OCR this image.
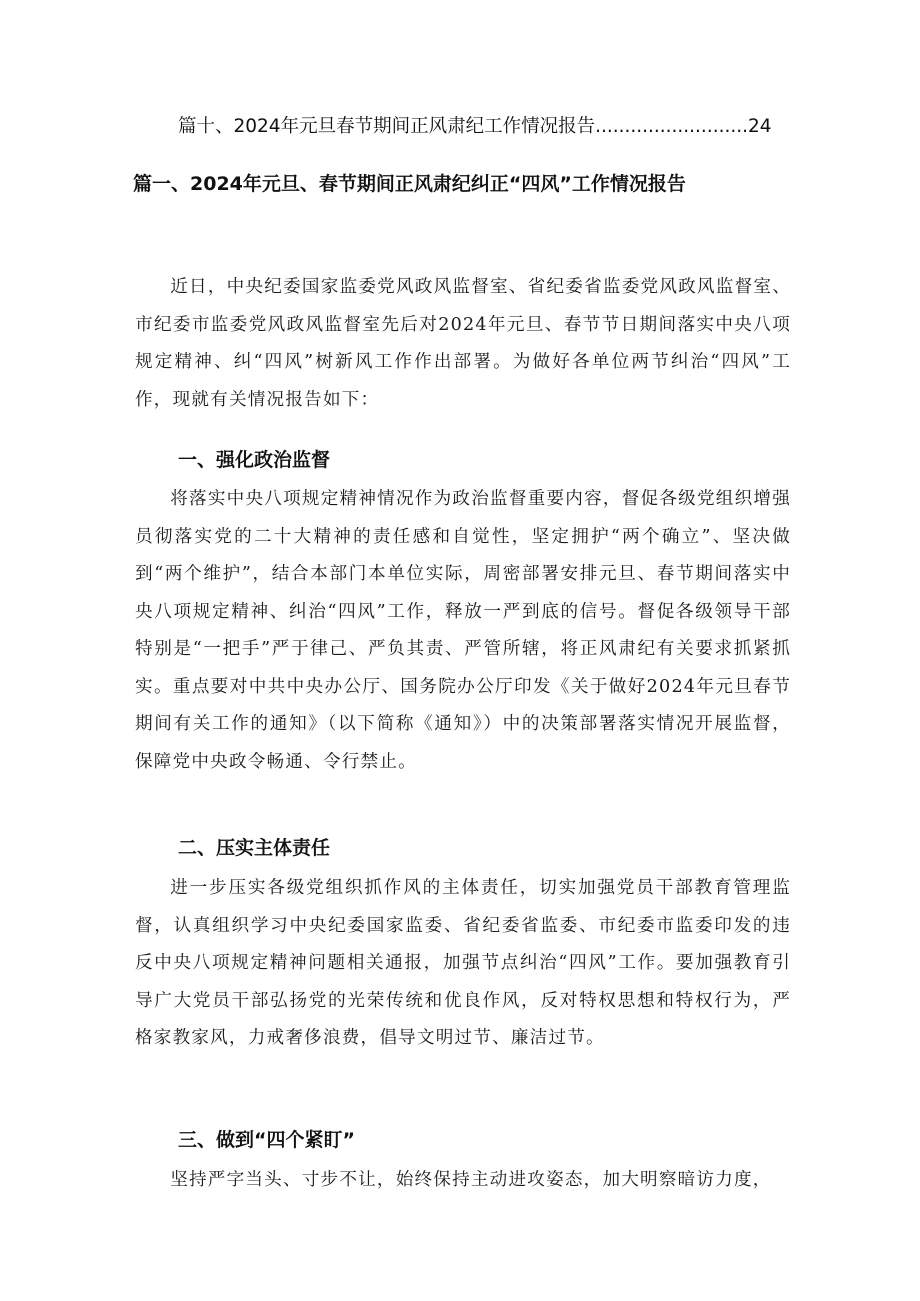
篇十、2024年元旦春节期间正风肃纪工作情况报告..........................24
篇一、2024年元旦、春节期间正风肃纪纠正“四风”工作情况报告

近日，中央纪委国家监委党风政风监督室、省纪委省监委党风政风监督室、市纪委市监委党风政风监督室先后对2024年元旦、春节节日期间落实中央八项规定精神、纠“四风”树新风工作作出部署。为做好各单位两节纠治“四风”工作，现就有关情况报告如下：

一、强化政治监督

将落实中央八项规定精神情况作为政治监督重要内容，督促各级党组织增强员彻落实党的二十大精神的责任感和自觉性，坚定拥护“两个确立”、坚决做到“两个维护”，结合本部门本单位实际，周密部署安排元旦、春节期间落实中央八项规定精神、纠治“四风”工作，释放一严到底的信号。督促各级领导干部特别是“一把手”严于律己、严负其责、严管所辖，将正风肃纪有关要求抓紧抓实。重点要对中共中央办公厅、国务院办公厅印发《关于做好2024年元旦春节期间有关工作的通知》（以下简称《通知》）中的决策部署落实情况开展监督，保障党中央政令畅通、令行禁止。

二、压实主体责任

进一步压实各级党组织抓作风的主体责任，切实加强党员干部教育管理监督，认真组织学习中央纪委国家监委、省纪委省监委、市纪委市监委印发的违反中央八项规定精神问题相关通报，加强节点纠治“四风”工作。要加强教育引导广大党员干部弘扬党的光荣传统和优良作风，反对特权思想和特权行为，严格家教家风，力戒奢侈浪费，倡导文明过节、廉洁过节。

三、做到“四个紧盯”

坚持严字当头、寸步不让，始终保持主动进攻姿态，加大明察暗访力度，
